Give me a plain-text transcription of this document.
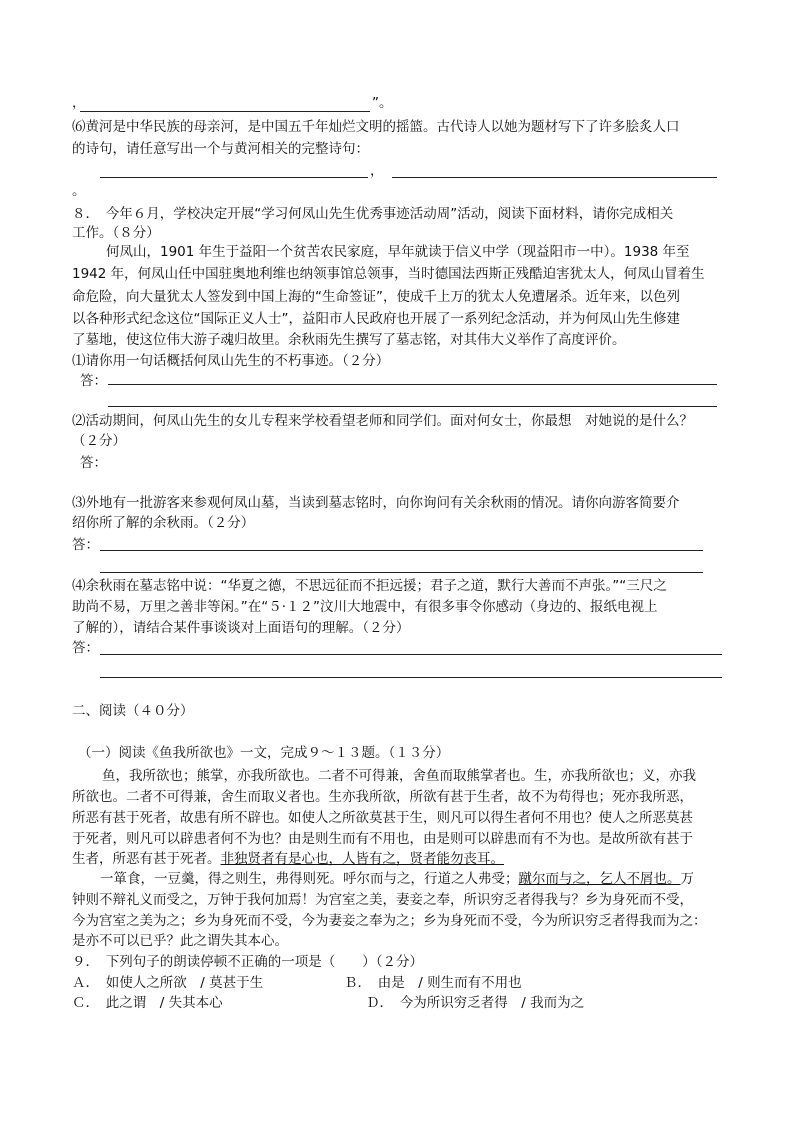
，	”。
⑹黄河是中华民族的母亲河，是中国五千年灿烂文明的摇篮。古代诗人以她为题材写下了许多脍炙人口
的诗句，请任意写出一个与黄河相关的完整诗句：
，
。
８．　今年６月，学校决定开展“学习何凤山先生优秀事迹活动周”活动，阅读下面材料，请你完成相关
工作。（８分）
何凤山，1901 年生于益阳一个贫苦农民家庭，早年就读于信义中学（现益阳市一中）。1938 年至
1942 年，何凤山任中国驻奥地利维也纳领事馆总领事，当时德国法西斯正残酷迫害犹太人，何凤山冒着生
命危险，向大量犹太人签发到中国上海的“生命签证”，使成千上万的犹太人免遭屠杀。近年来，以色列
以各种形式纪念这位“国际正义人士”，益阳市人民政府也开展了一系列纪念活动，并为何凤山先生修建
了墓地，使这位伟大游子魂归故里。余秋雨先生撰写了墓志铭，对其伟大义举作了高度评价。
⑴请你用一句话概括何凤山先生的不朽事迹。（２分）
答：
⑵活动期间，何凤山先生的女儿专程来学校看望老师和同学们。面对何女士，你最想　对她说的是什么？
（２分）
答：
⑶外地有一批游客来参观何凤山墓，当读到墓志铭时，向你询问有关余秋雨的情况。请你向游客简要介
绍你所了解的余秋雨。（２分）
答：
⑷余秋雨在墓志铭中说：“华夏之德，不思远征而不拒远援；君子之道，默行大善而不声张。”“三尺之
助尚不易，万里之善非等闲。”在“５·１２”汶川大地震中，有很多事令你感动（身边的、报纸电视上
了解的），请结合某件事谈谈对上面语句的理解。（２分）
答：
二、阅读（４０分）
（一）阅读《鱼我所欲也》一文，完成９～１３题。（１３分）
鱼，我所欲也；熊掌，亦我所欲也。二者不可得兼，舍鱼而取熊掌者也。生，亦我所欲也；义，亦我
所欲也。二者不可得兼，舍生而取义者也。生亦我所欲，所欲有甚于生者，故不为苟得也；死亦我所恶，
所恶有甚于死者，故患有所不辟也。如使人之所欲莫甚于生，则凡可以得生者何不用也？使人之所恶莫甚
于死者，则凡可以辟患者何不为也？由是则生而有不用也，由是则可以辟患而有不为也。是故所欲有甚于
生者，所恶有甚于死者。非独贤者有是心也，人皆有之，贤者能勿丧耳。
一箪食，一豆羹，得之则生，弗得则死。呼尔而与之，行道之人弗受；蹴尔而与之，乞人不屑也。万
钟则不辩礼义而受之，万钟于我何加焉！为宫室之美，妻妾之奉，所识穷乏者得我与？乡为身死而不受，
今为宫室之美为之；乡为身死而不受，今为妻妾之奉为之；乡为身死而不受，今为所识穷乏者得我而为之：
是亦不可以已乎？此之谓失其本心。
９．　下列句子的朗读停顿不正确的一项是（　　）（２分）
Ａ．　如使人之所欲　/ 莫甚于生	Ｂ．　由是　/ 则生而有不用也
Ｃ．　此之谓　/ 失其本心	Ｄ．　今为所识穷乏者得　/ 我而为之
